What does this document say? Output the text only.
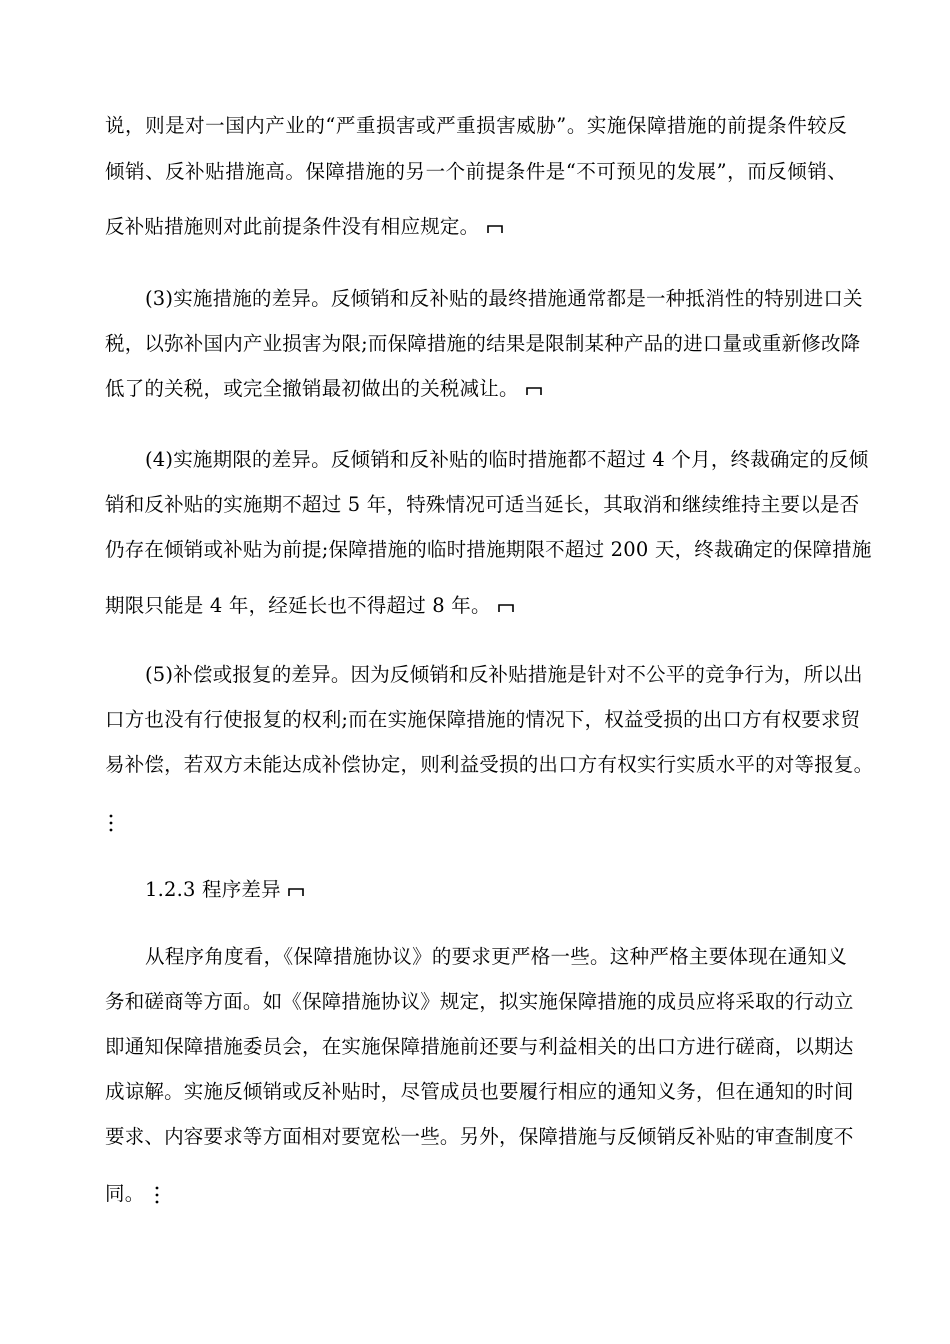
说，则是对一国内产业的“严重损害或严重损害威胁”。实施保障措施的前提条件较反
倾销、反补贴措施高。保障措施的另一个前提条件是“不可预见的发展”，而反倾销、
反补贴措施则对此前提条件没有相应规定。
(3)实施措施的差异。反倾销和反补贴的最终措施通常都是一种抵消性的特别进口关
税，以弥补国内产业损害为限;而保障措施的结果是限制某种产品的进口量或重新修改降
低了的关税，或完全撤销最初做出的关税减让。
(4)实施期限的差异。反倾销和反补贴的临时措施都不超过 4 个月，终裁确定的反倾
销和反补贴的实施期不超过 5 年，特殊情况可适当延长，其取消和继续维持主要以是否
仍存在倾销或补贴为前提;保障措施的临时措施期限不超过 200 天，终裁确定的保障措施
期限只能是 4 年，经延长也不得超过 8 年。
(5)补偿或报复的差异。因为反倾销和反补贴措施是针对不公平的竞争行为，所以出
口方也没有行使报复的权利;而在实施保障措施的情况下，权益受损的出口方有权要求贸
易补偿，若双方未能达成补偿协定，则利益受损的出口方有权实行实质水平的对等报复。
1.2.3 程序差异
从程序角度看，《保障措施协议》的要求更严格一些。这种严格主要体现在通知义
务和磋商等方面。如《保障措施协议》规定，拟实施保障措施的成员应将采取的行动立
即通知保障措施委员会，在实施保障措施前还要与利益相关的出口方进行磋商，以期达
成谅解。实施反倾销或反补贴时，尽管成员也要履行相应的通知义务，但在通知的时间
要求、内容要求等方面相对要宽松一些。另外，保障措施与反倾销反补贴的审查制度不
同。
